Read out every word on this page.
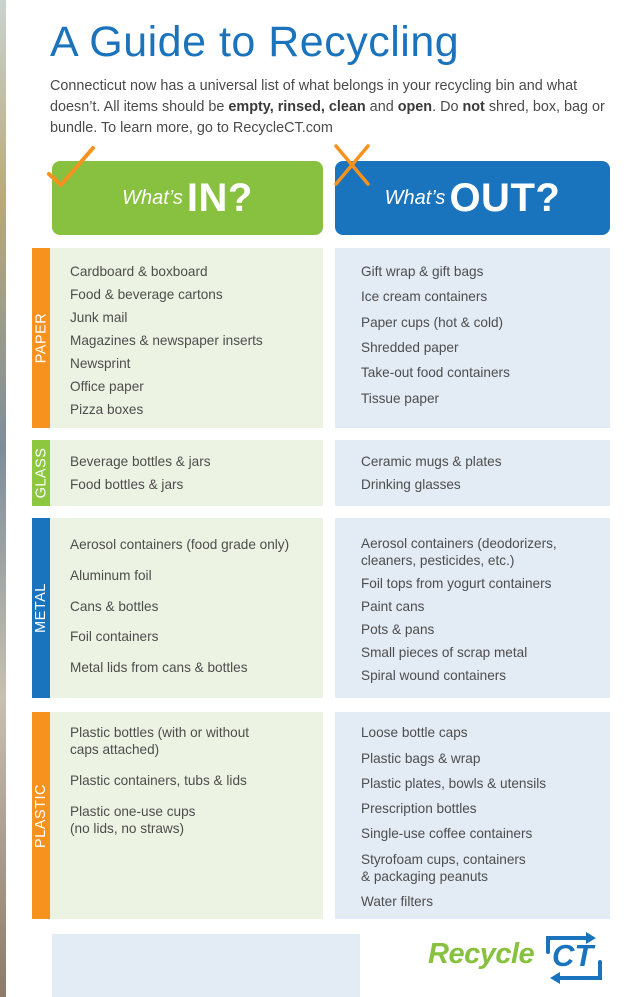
A Guide to Recycling

Connecticut now has a universal list of what belongs in your recycling bin and what doesn’t. All items should be empty, rinsed, clean and open. Do not shred, box, bag or bundle. To learn more, go to RecycleCT.com

What’s IN?	What’s OUT?
PAPER
Cardboard & boxboard
Food & beverage cartons
Junk mail
Magazines & newspaper inserts
Newsprint
Office paper
Pizza boxes
Gift wrap & gift bags
Ice cream containers
Paper cups (hot & cold)
Shredded paper
Take-out food containers
Tissue paper
GLASS Beverage bottles & jars
Food bottles & jars
Ceramic mugs & plates
Drinking glasses
METAL
Aerosol containers (food grade only)
Aluminum foil
Cans & bottles
Foil containers
Metal lids from cans & bottles
Aerosol containers (deodorizers,
cleaners, pesticides, etc.)
Foil tops from yogurt containers
Paint cans
Pots & pans
Small pieces of scrap metal
Spiral wound containers
PLASTIC
Plastic bottles (with or without
caps attached)
Plastic containers, tubs & lids
Plastic one-use cups
(no lids, no straws)
Loose bottle caps
Plastic bags & wrap
Plastic plates, bowls & utensils
Prescription bottles
Single-use coffee containers
Styrofoam cups, containers
& packaging peanuts
Water filters
Recycle CT
